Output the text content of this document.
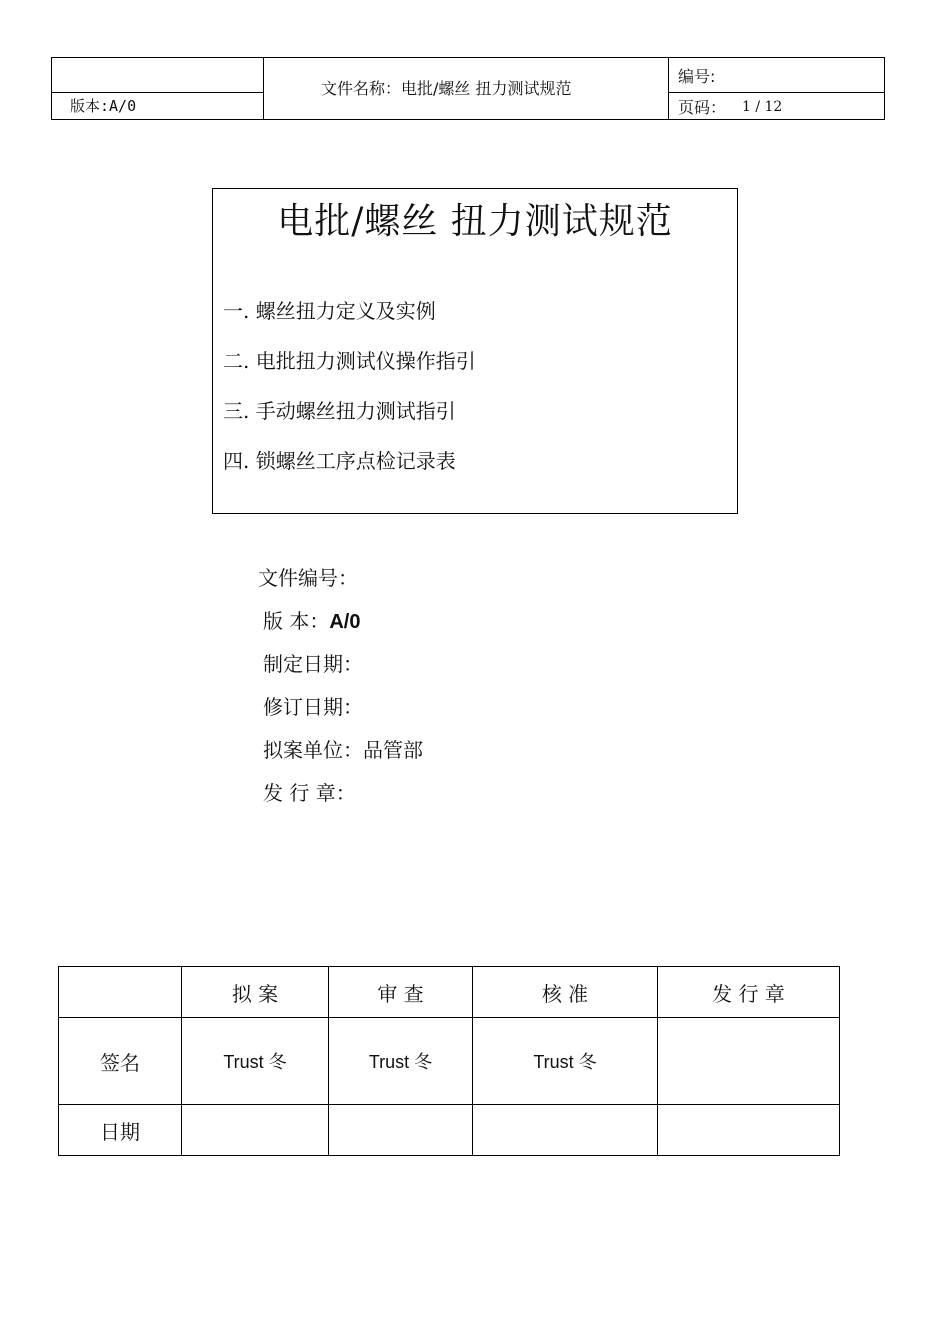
版本:A/0
文件名称：电批/螺丝 扭力测试规范
编号:
页码： 1 / 12
电批/螺丝 扭力测试规范
一. 螺丝扭力定义及实例
二. 电批扭力测试仪操作指引
三. 手动螺丝扭力测试指引
四. 锁螺丝工序点检记录表
文件编号：
版 本：A/0
制定日期：
修订日期：
拟案单位：品管部
发 行 章：
	拟 案	审 查	核 准	发 行 章
签名	Trust 冬	Trust 冬	Trust 冬	
日期				
